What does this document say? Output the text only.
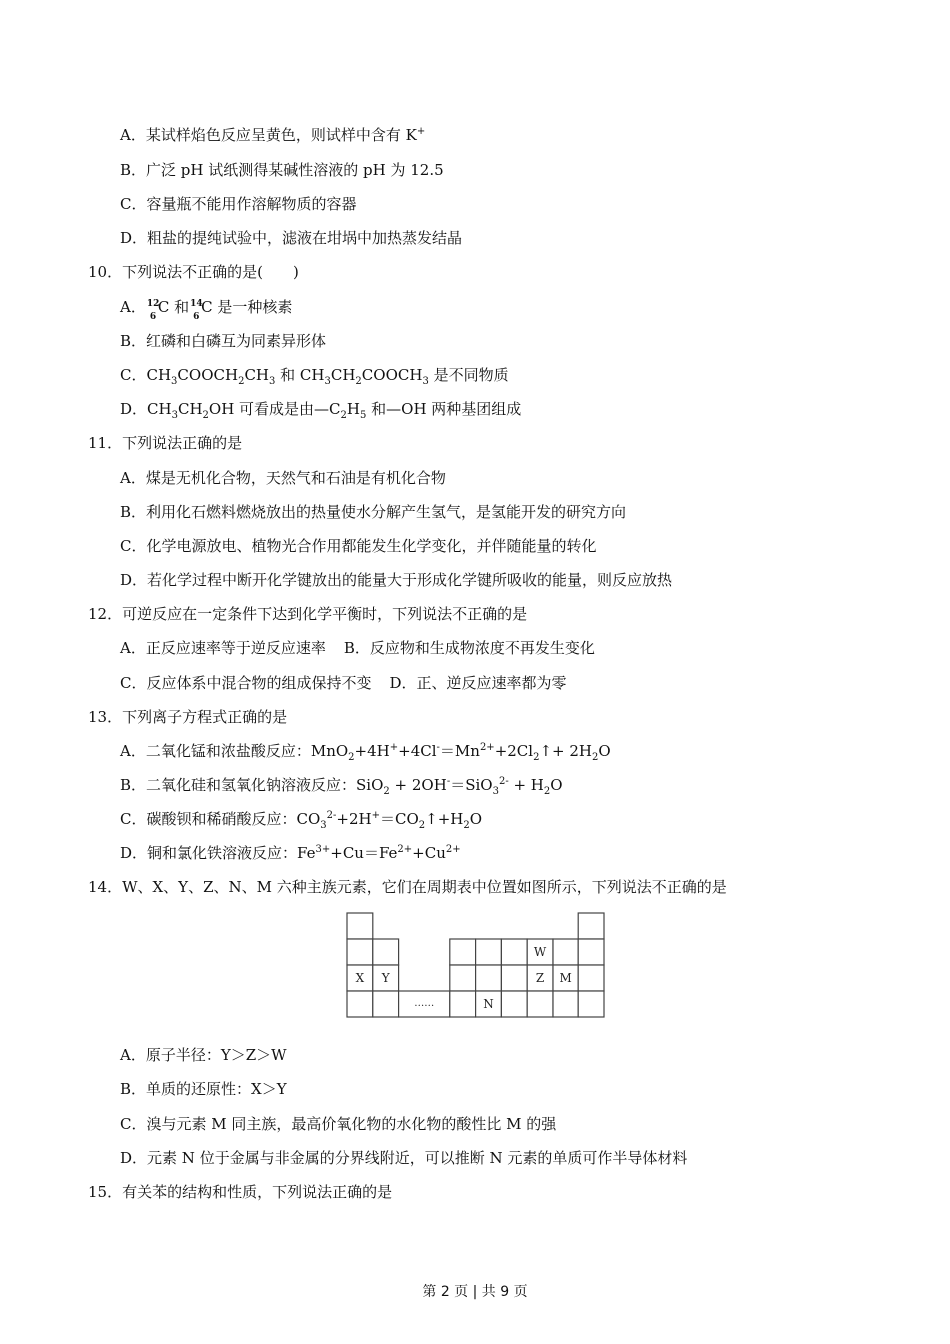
A．某试样焰色反应呈黄色，则试样中含有 K+
B．广泛 pH 试纸测得某碱性溶液的 pH 为 12.5
C．容量瓶不能用作溶解物质的容器
D．粗盐的提纯试验中，滤液在坩埚中加热蒸发结晶
10．下列说法不正确的是(　　)
A． 12
6
C 和 14
6
C 是一种核素
B．红磷和白磷互为同素异形体
C．$CH_3COOCH_2CH_3$ 和 $CH_3CH_2COOCH_3$ 是不同物质
D．$CH_3CH_2OH$ 可看成是由$—C_2H_5$ 和—OH 两种基团组成
11．下列说法正确的是
A．煤是无机化合物，天然气和石油是有机化合物
B．利用化石燃料燃烧放出的热量使水分解产生氢气，是氢能开发的研究方向
C．化学电源放电、植物光合作用都能发生化学变化，并伴随能量的转化
D．若化学过程中断开化学键放出的能量大于形成化学键所吸收的能量，则反应放热
12．可逆反应在一定条件下达到化学平衡时，下列说法不正确的是
A．正反应速率等于逆反应速率 B．反应物和生成物浓度不再发生变化
C．反应体系中混合物的组成保持不变 D．正、逆反应速率都为零
13．下列离子方程式正确的是
A．二氧化锰和浓盐酸反应：$MnO_2+4H^++4Cl^-=Mn^{2+}+2Cl_2↑+ 2H_2O$
B．二氧化硅和氢氧化钠溶液反应：$SiO_2 + 2OH^-=SiO_3^{2-} + H_2O$
C．碳酸钡和稀硝酸反应：$CO_3^{2-}+2H^+=CO_2↑+H_2O$
D．铜和氯化铁溶液反应：$Fe^{3+}+Cu=Fe^{2+}+Cu^{2+}$
14．W、X、Y、Z、N、M 六种主族元素，它们在周期表中位置如图所示，下列说法不正确的是
W
X Y	Z M
……	N
A．原子半径：Y＞Z＞W
B．单质的还原性：X＞Y
C．溴与元素 M 同主族，最高价氧化物的水化物的酸性比 M 的强
D．元素 N 位于金属与非金属的分界线附近，可以推断 N 元素的单质可作半导体材料
15．有关苯的结构和性质，下列说法正确的是
第 2 页 | 共 9 页
